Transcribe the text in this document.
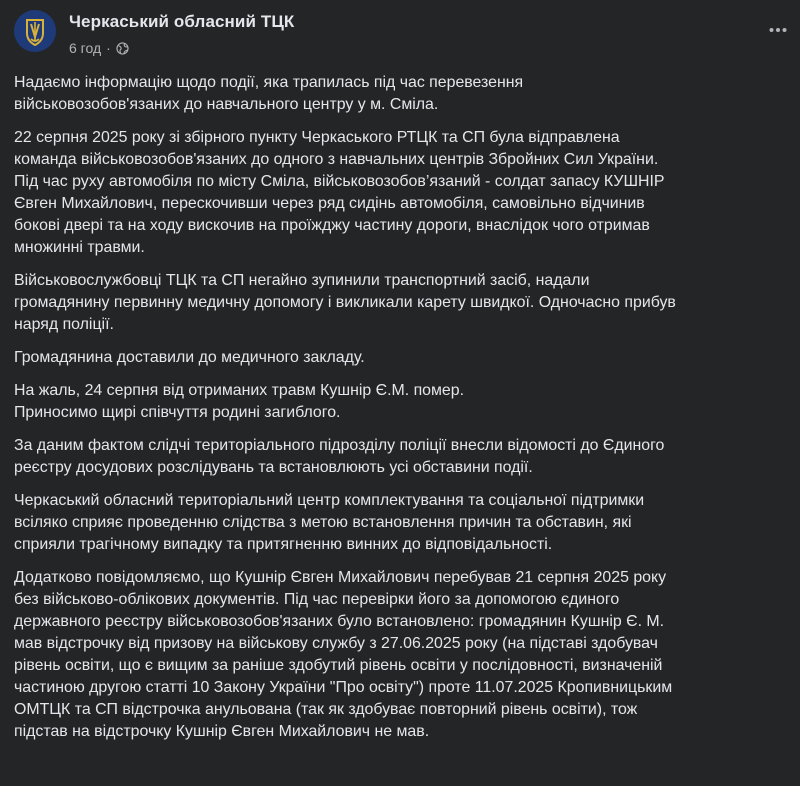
Черкаський обласний ТЦК
6 год ·

Надаємо інформацію щодо події, яка трапилась під час перевезення
військовозобов'язаних до навчального центру у м. Сміла.

22 серпня 2025 року зі збірного пункту Черкаського РТЦК та СП була відправлена
команда військовозобов'язаних до одного з навчальних центрів Збройних Сил України.
Під час руху автомобіля по місту Сміла, військовозобов’язаний - солдат запасу КУШНІР
Євген Михайлович, перескочивши через ряд сидінь автомобіля, самовільно відчинив
бокові двері та на ходу вискочив на проїжджу частину дороги, внаслідок чого отримав
множинні травми.

Військовослужбовці ТЦК та СП негайно зупинили транспортний засіб, надали
громадянину первинну медичну допомогу і викликали карету швидкої. Одночасно прибув
наряд поліції.

Громадянина доставили до медичного закладу.

На жаль, 24 серпня від отриманих травм Кушнір Є.М. помер.
Приносимо щирі співчуття родині загиблого.

За даним фактом слідчі територіального підрозділу поліції внесли відомості до Єдиного
реєстру досудових розслідувань та встановлюють усі обставини події.

Черкаський обласний територіальний центр комплектування та соціальної підтримки
всіляко сприяє проведенню слідства з метою встановлення причин та обставин, які
сприяли трагічному випадку та притягненню винних до відповідальності.

Додатково повідомляємо, що Кушнір Євген Михайлович перебував 21 серпня 2025 року
без військово-облікових документів. Під час перевірки його за допомогою єдиного
державного реєстру військовозобов'язаних було встановлено: громадянин Кушнір Є. М.
мав відстрочку від призову на військову службу з 27.06.2025 року (на підставі здобувач
рівень освіти, що є вищим за раніше здобутий рівень освіти у послідовності, визначеній
частиною другою статті 10 Закону України "Про освіту") проте 11.07.2025 Кропивницьким
ОМТЦК та СП відстрочка анульована (так як здобуває повторний рівень освіти), тож
підстав на відстрочку Кушнір Євген Михайлович не мав.
